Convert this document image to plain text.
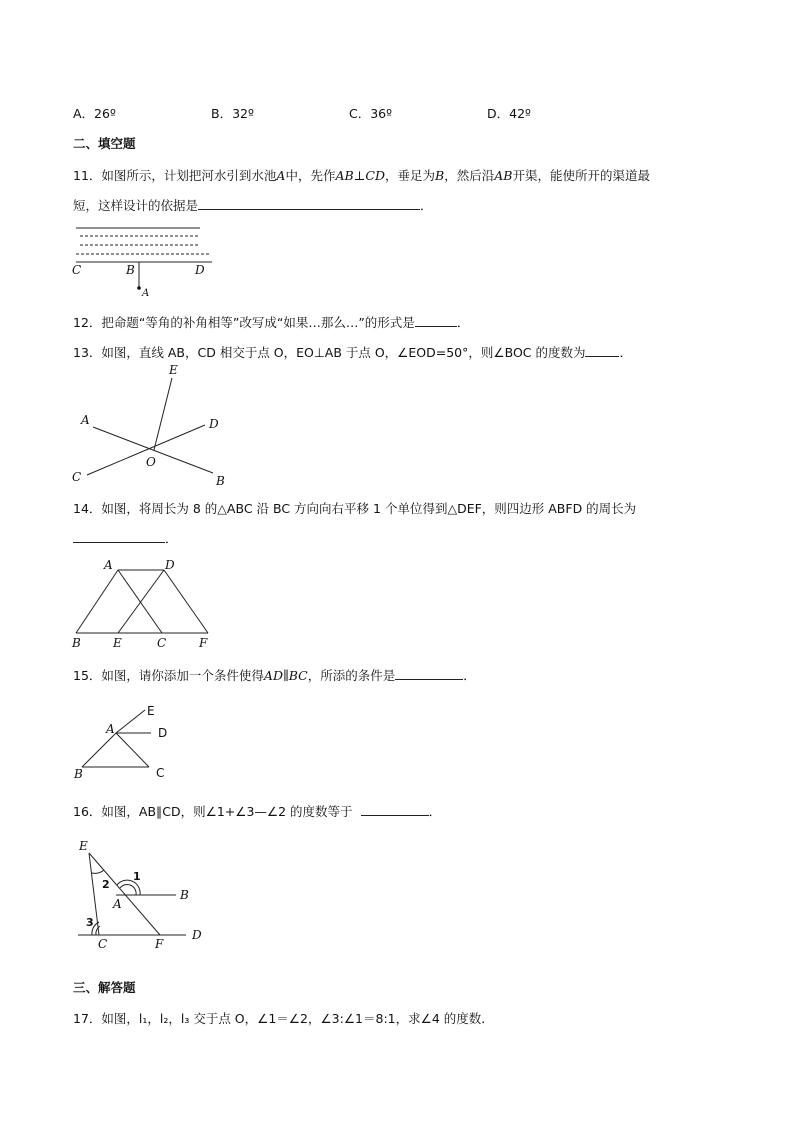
A．26º	B．32º	C．36º	D．42º
二、填空题
11．如图所示，计划把河水引到水池A中，先作AB⊥CD，垂足为B，然后沿AB开渠，能使所开的渠道最
短，这样设计的依据是	．
C	B	D
A
12．把命题“等角的补角相等”改写成“如果…那么…”的形式是	．
13．如图，直线 AB，CD 相交于点 O，EO⊥AB 于点 O，∠EOD=50°，则∠BOC 的度数为	．
E
A	D
O
C	B
14．如图，将周长为 8 的△ABC 沿 BC 方向向右平移 1 个单位得到△DEF，则四边形 ABFD 的周长为
．
A	D
B	E	C	F
15．如图，请你添加一个条件使得AD∥BC，所添的条件是	．
E
A	D
B	C
16．如图，AB∥CD，则∠1+∠3—∠2 的度数等于	．
E
1
2
A
B
3
C	F
D
三、解答题
17．如图，l₁，l₂，l₃ 交于点 O，∠1＝∠2，∠3:∠1＝8:1，求∠4 的度数．
